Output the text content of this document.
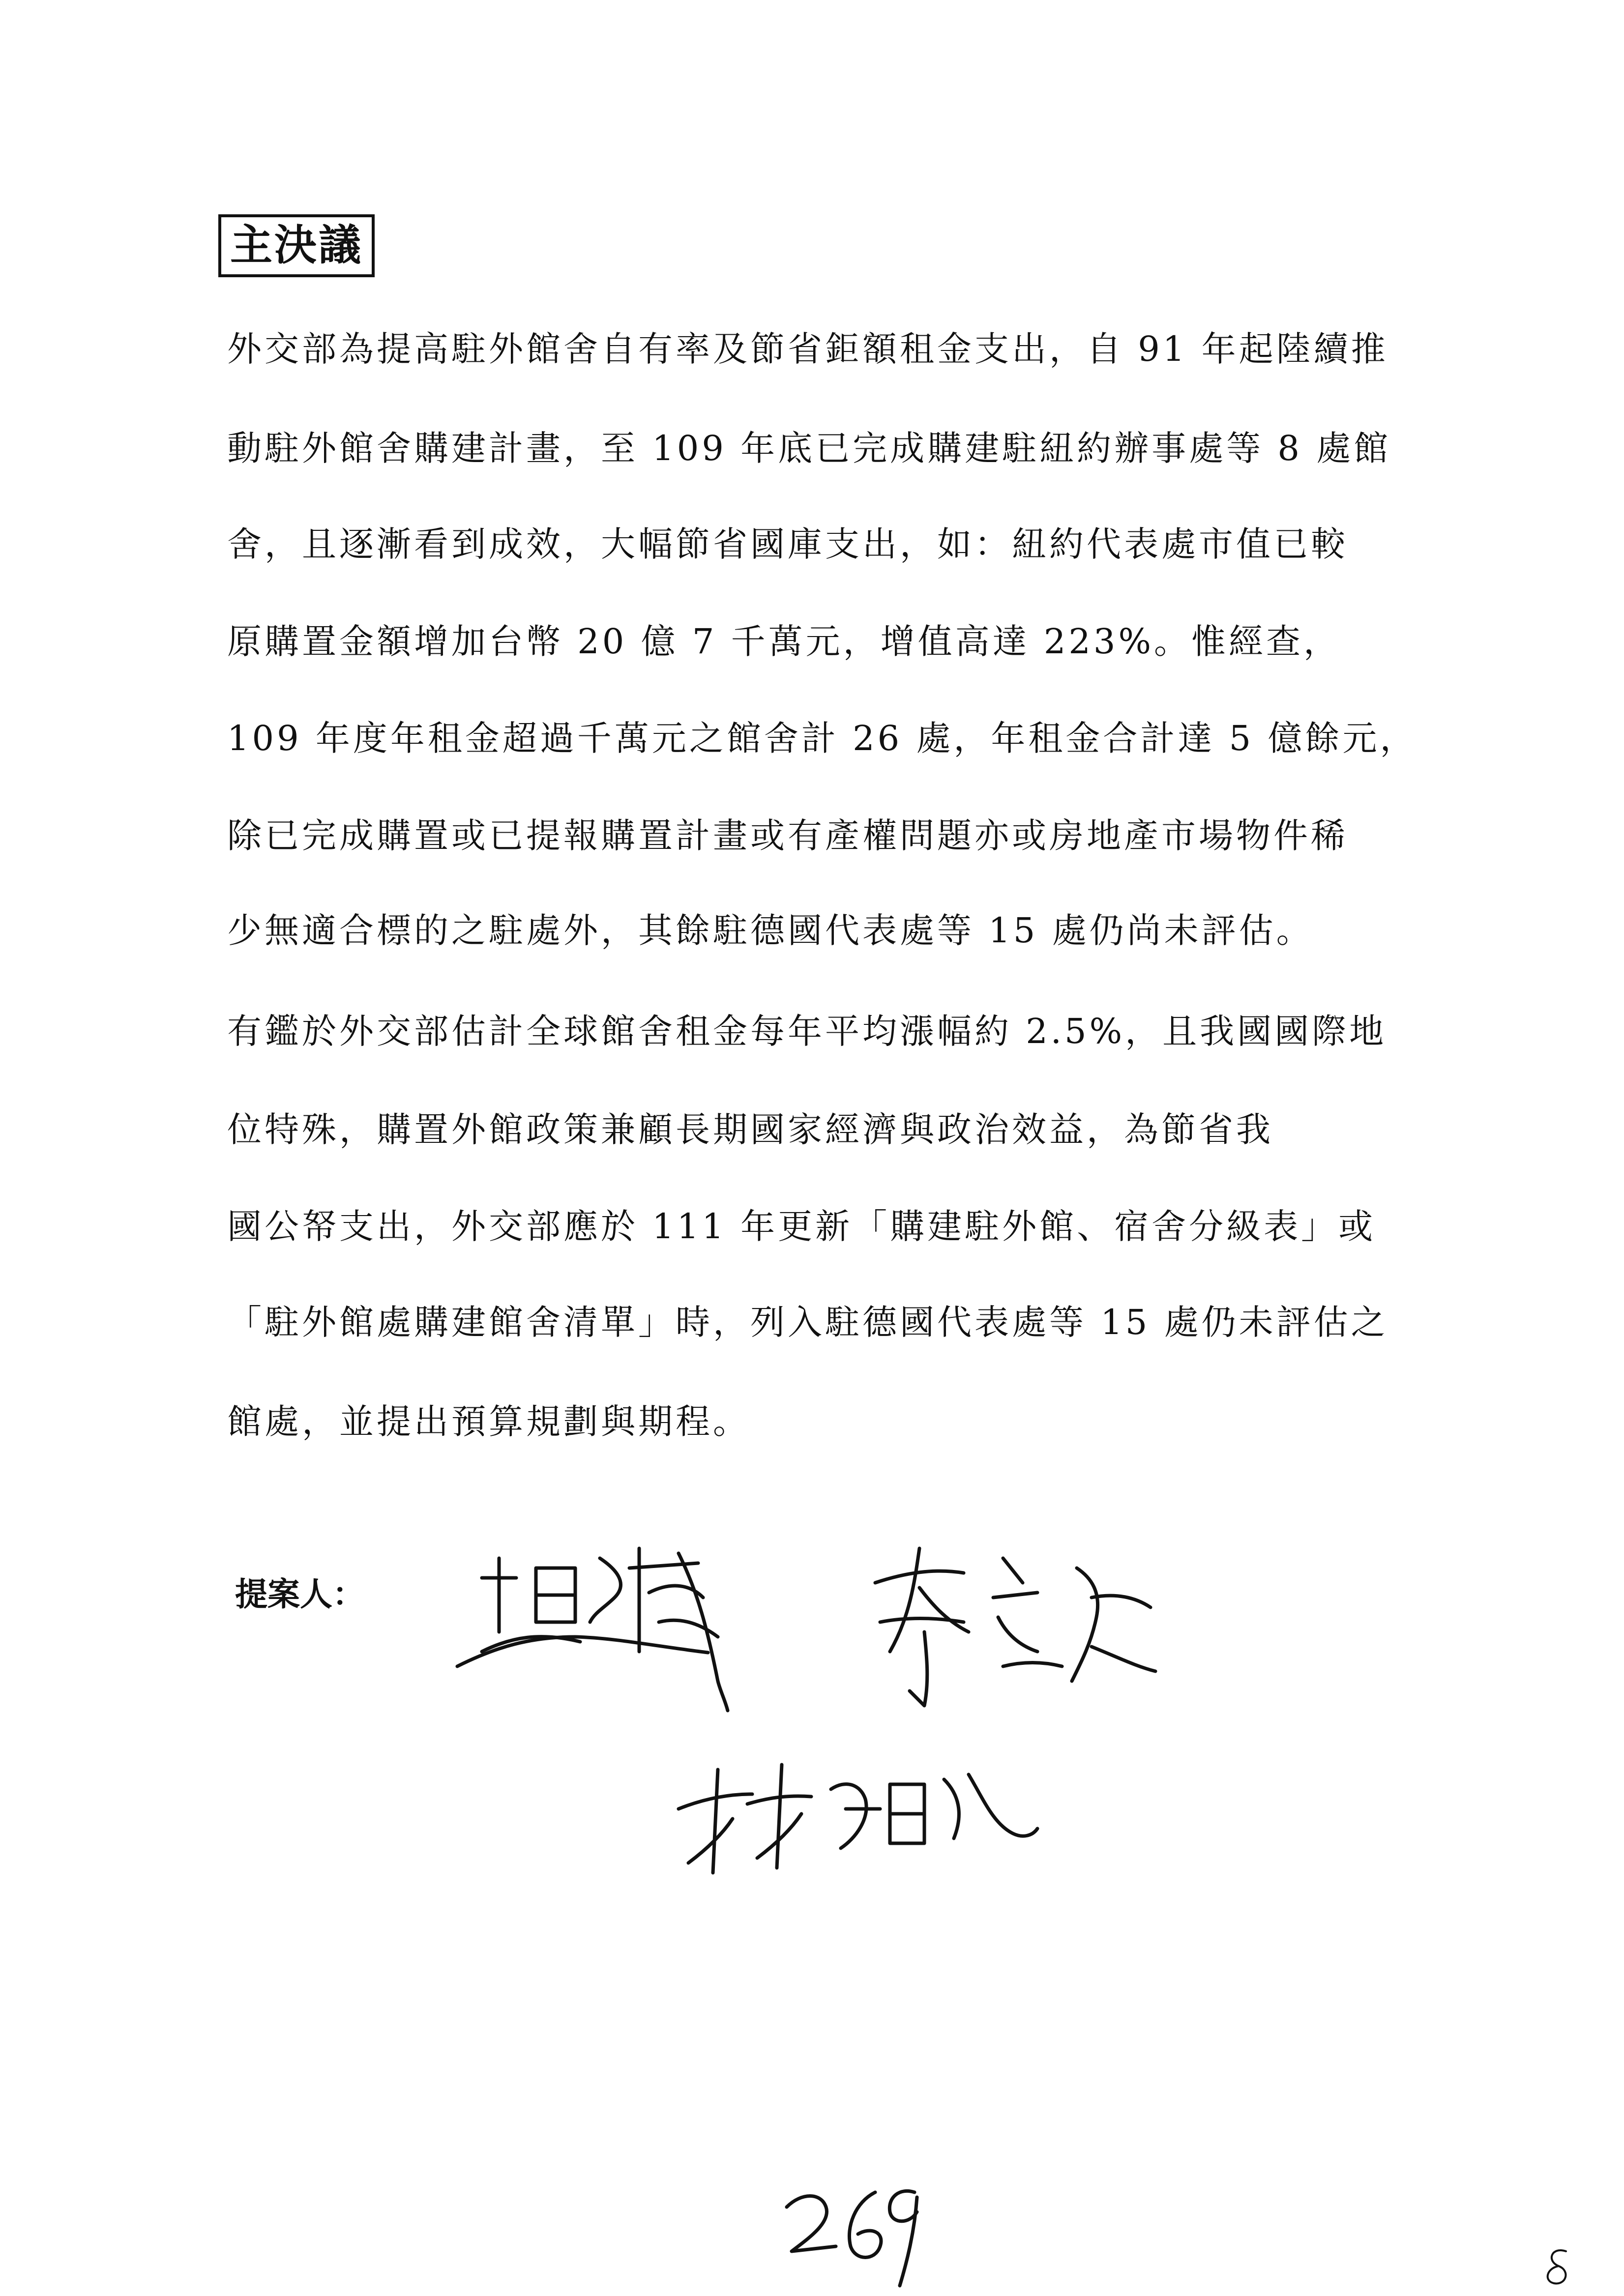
主決議
外交部為提高駐外館舍自有率及節省鉅額租金支出，自 91 年起陸續推
動駐外館舍購建計畫，至 109 年底已完成購建駐紐約辦事處等 8 處館
舍，且逐漸看到成效，大幅節省國庫支出，如：紐約代表處市值已較
原購置金額增加台幣 20 億 7 千萬元，增值高達 223%。惟經查，
109 年度年租金超過千萬元之館舍計 26 處，年租金合計達 5 億餘元，
除已完成購置或已提報購置計畫或有產權問題亦或房地產市場物件稀
少無適合標的之駐處外，其餘駐德國代表處等 15 處仍尚未評估。
有鑑於外交部估計全球館舍租金每年平均漲幅約 2.5%，且我國國際地
位特殊，購置外館政策兼顧長期國家經濟與政治效益，為節省我
國公帑支出，外交部應於 111 年更新「購建駐外館、宿舍分級表」或
「駐外館處購建館舍清單」時，列入駐德國代表處等 15 處仍未評估之
館處，並提出預算規劃與期程。
提案人：
